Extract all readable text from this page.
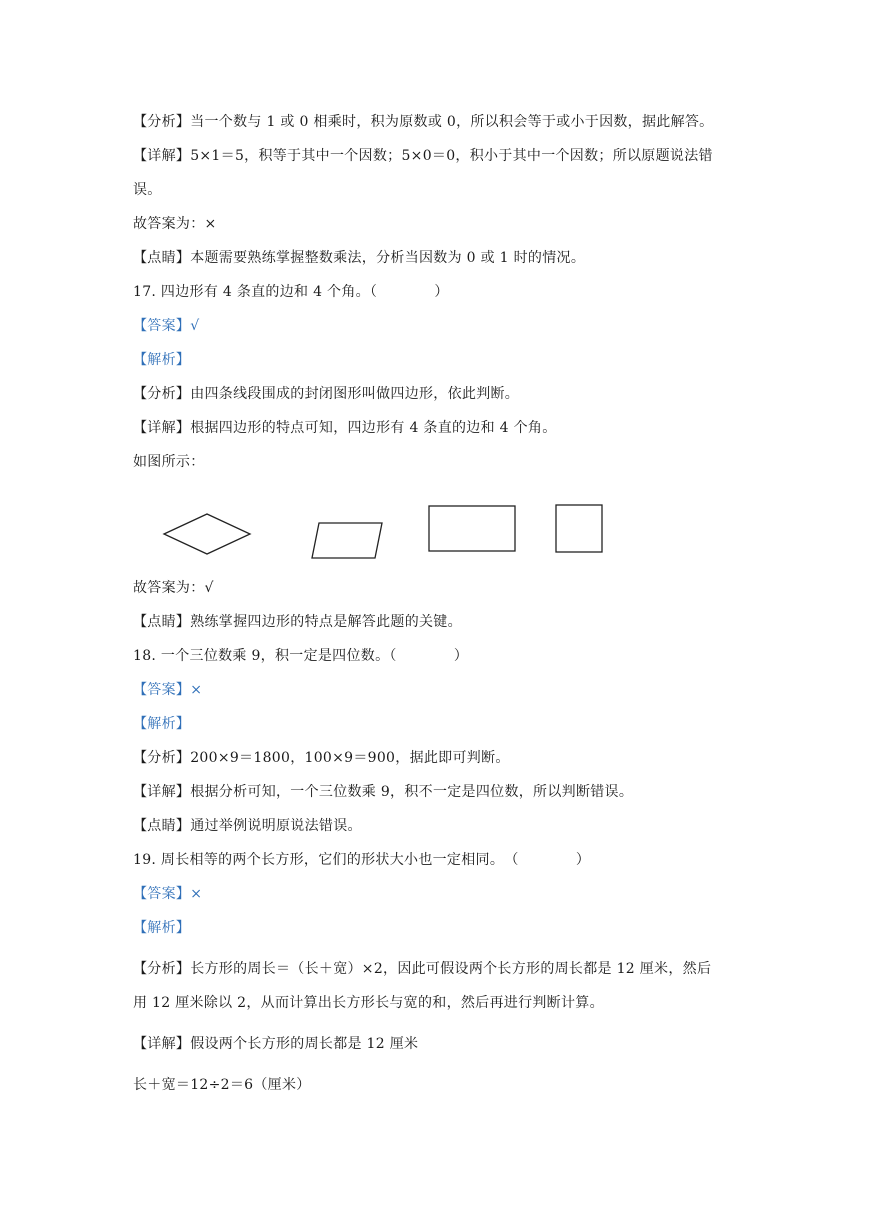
【分析】当一个数与 1 或 0 相乘时，积为原数或 0，所以积会等于或小于因数，据此解答。
【详解】5×1＝5，积等于其中一个因数；5×0＝0，积小于其中一个因数；所以原题说法错
误。
故答案为：×
【点睛】本题需要熟练掌握整数乘法，分析当因数为 0 或 1 时的情况。
17. 四边形有 4 条直的边和 4 个角。（　　　　）
【答案】√
【解析】
【分析】由四条线段围成的封闭图形叫做四边形，依此判断。
【详解】根据四边形的特点可知，四边形有 4 条直的边和 4 个角。
如图所示：
故答案为：√
【点睛】熟练掌握四边形的特点是解答此题的关键。
18. 一个三位数乘 9，积一定是四位数。（　　　　）
【答案】×
【解析】
【分析】200×9＝1800，100×9＝900，据此即可判断。
【详解】根据分析可知，一个三位数乘 9，积不一定是四位数，所以判断错误。
【点睛】通过举例说明原说法错误。
19. 周长相等的两个长方形，它们的形状大小也一定相同。　（　　　　）
【答案】×
【解析】
【分析】长方形的周长＝（长＋宽）×2，因此可假设两个长方形的周长都是 12 厘米，然后
用 12 厘米除以 2，从而计算出长方形长与宽的和，然后再进行判断计算。
【详解】假设两个长方形的周长都是 12 厘米
长＋宽＝12÷2＝6（厘米）
